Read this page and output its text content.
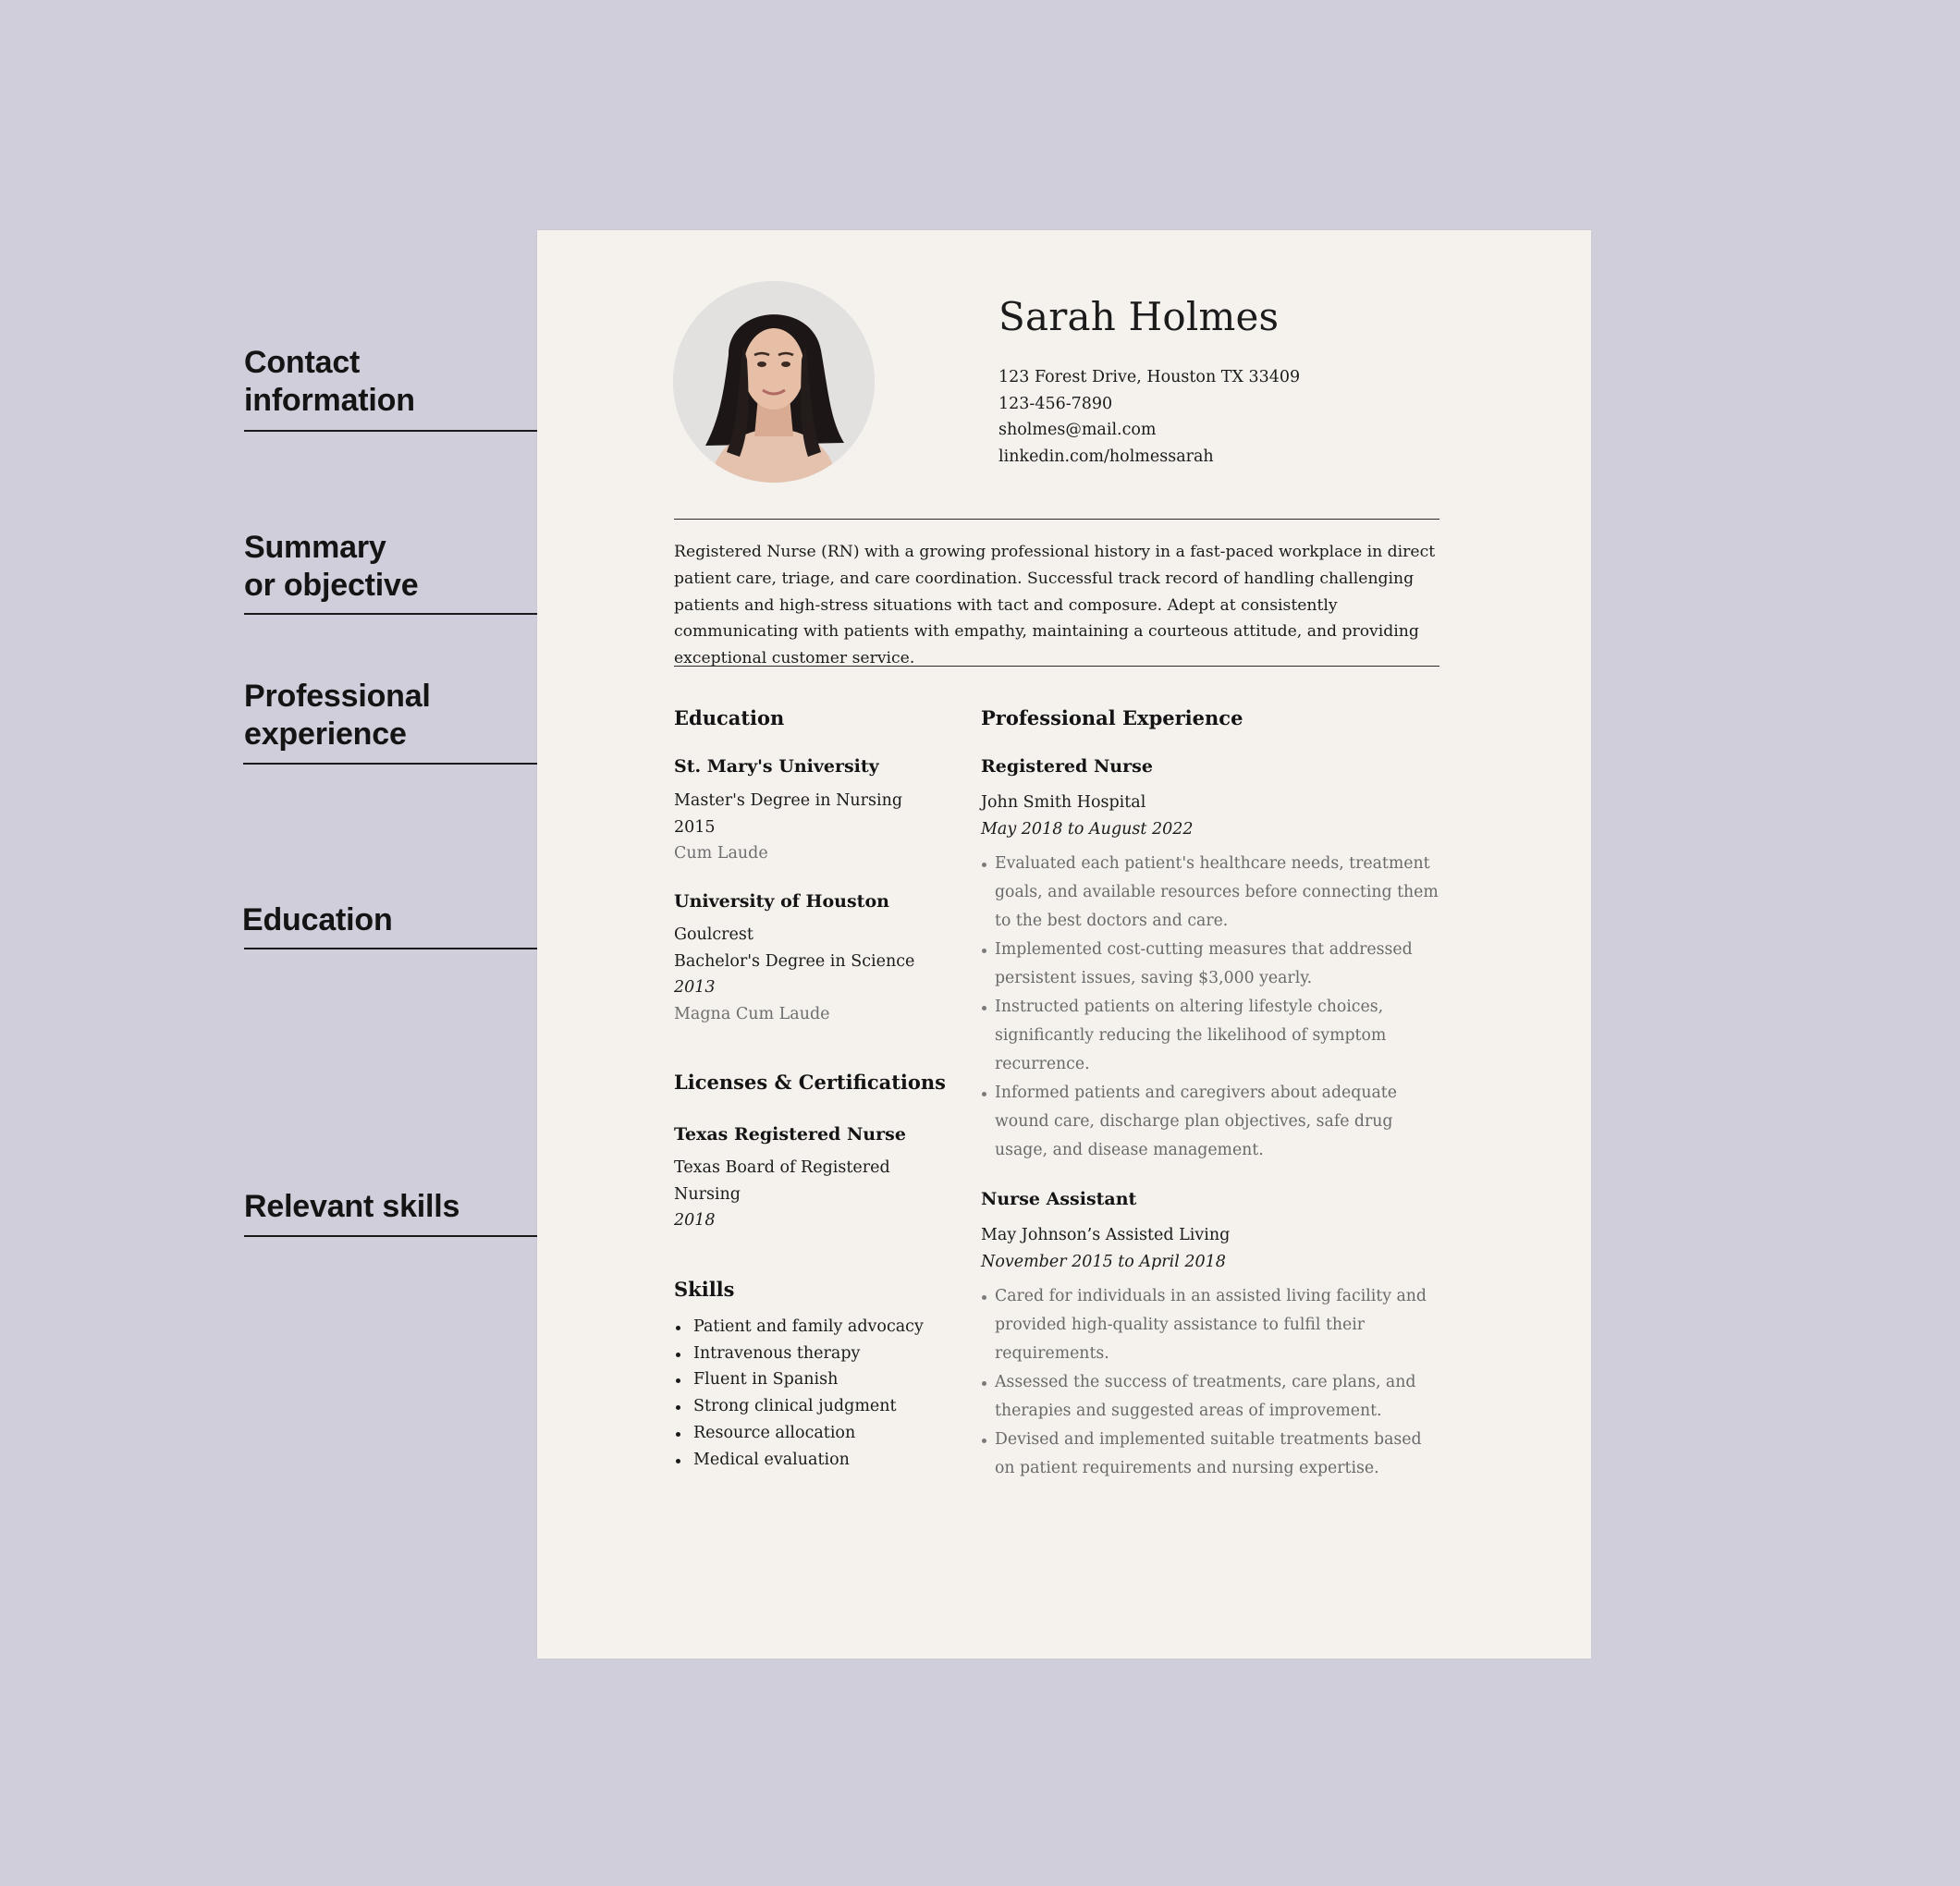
Contact
information
Summary
or objective
Professional
experience
Education
Relevant skills
Sarah Holmes
123 Forest Drive, Houston TX 33409
123-456-7890
sholmes@mail.com
linkedin.com/holmessarah
Registered Nurse (RN) with a growing professional history in a fast-paced workplace in direct patient care, triage, and care coordination. Successful track record of handling challenging patients and high-stress situations with tact and composure. Adept at consistently communicating with patients with empathy, maintaining a courteous attitude, and providing exceptional customer service.
Education
St. Mary's University
Master's Degree in Nursing
2015
Cum Laude
University of Houston
Goulcrest
Bachelor's Degree in Science
2013
Magna Cum Laude
Licenses & Certifications
Texas Registered Nurse
Texas Board of Registered
Nursing
2018
Skills
Patient and family advocacy
Intravenous therapy
Fluent in Spanish
Strong clinical judgment
Resource allocation
Medical evaluation
Professional Experience
Registered Nurse
John Smith Hospital
May 2018 to August 2022
Evaluated each patient's healthcare needs, treatment goals, and available resources before connecting them to the best doctors and care.
Implemented cost-cutting measures that addressed persistent issues, saving $3,000 yearly.
Instructed patients on altering lifestyle choices, significantly reducing the likelihood of symptom recurrence.
Informed patients and caregivers about adequate wound care, discharge plan objectives, safe drug usage, and disease management.
Nurse Assistant
May Johnson’s Assisted Living
November 2015 to April 2018
Cared for individuals in an assisted living facility and provided high-quality assistance to fulfil their requirements.
Assessed the success of treatments, care plans, and therapies and suggested areas of improvement.
Devised and implemented suitable treatments based on patient requirements and nursing expertise.
